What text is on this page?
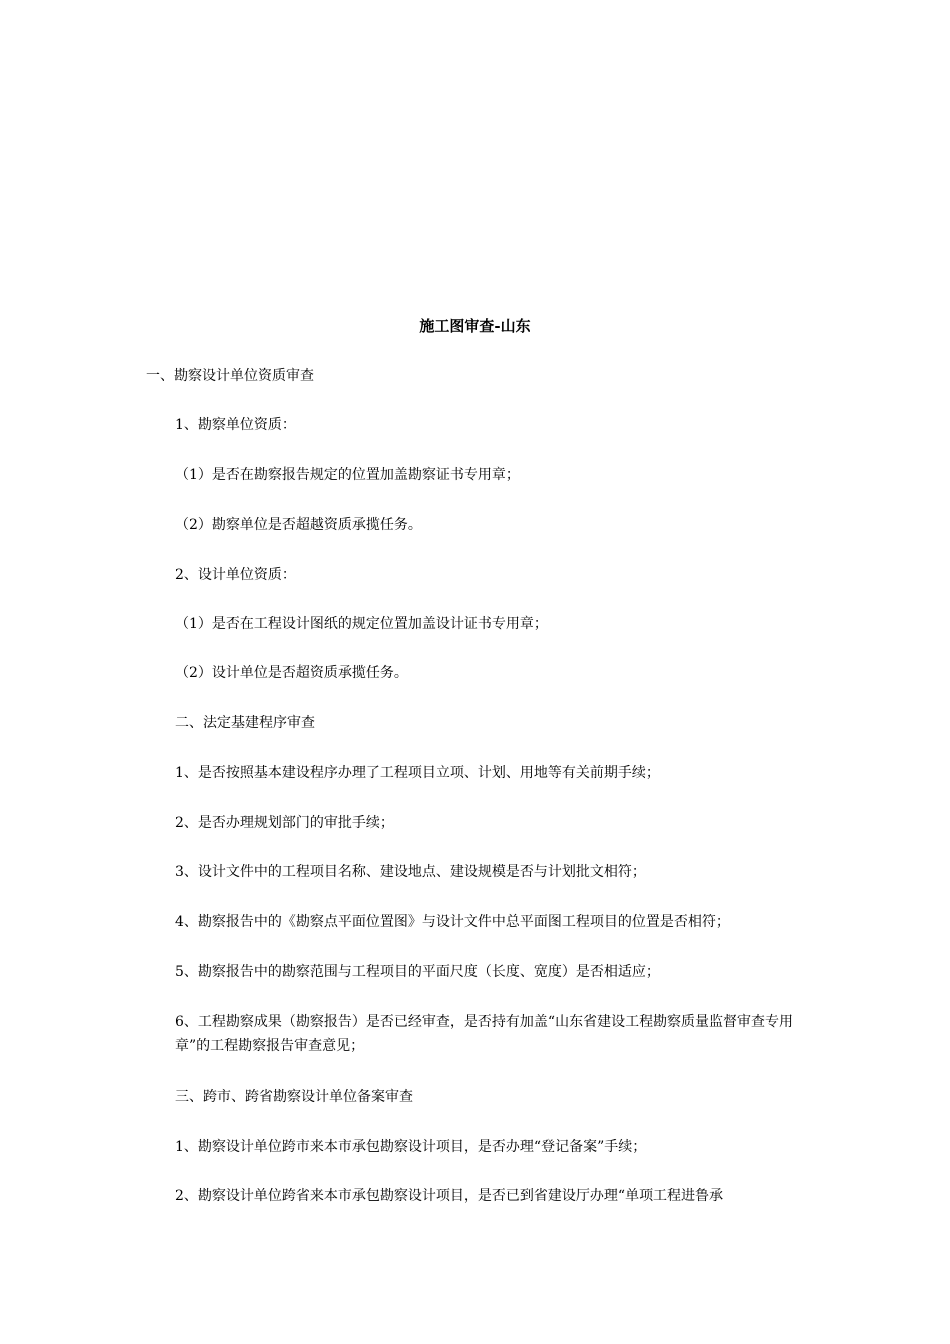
施工图审查-山东

一、勘察设计单位资质审查

1、勘察单位资质：

（1）是否在勘察报告规定的位置加盖勘察证书专用章；

（2）勘察单位是否超越资质承揽任务。

2、设计单位资质：

（1）是否在工程设计图纸的规定位置加盖设计证书专用章；

（2）设计单位是否超资质承揽任务。

二、法定基建程序审查

1、是否按照基本建设程序办理了工程项目立项、计划、用地等有关前期手续；

2、是否办理规划部门的审批手续；

3、设计文件中的工程项目名称、建设地点、建设规模是否与计划批文相符；

4、勘察报告中的《勘察点平面位置图》与设计文件中总平面图工程项目的位置是否相符；

5、勘察报告中的勘察范围与工程项目的平面尺度（长度、宽度）是否相适应；

6、工程勘察成果（勘察报告）是否已经审查，是否持有加盖“山东省建设工程勘察质量监督审查专用章”的工程勘察报告审查意见；

三、跨市、跨省勘察设计单位备案审查

1、勘察设计单位跨市来本市承包勘察设计项目，是否办理“登记备案”手续；

2、勘察设计单位跨省来本市承包勘察设计项目，是否已到省建设厅办理“单项工程进鲁承
